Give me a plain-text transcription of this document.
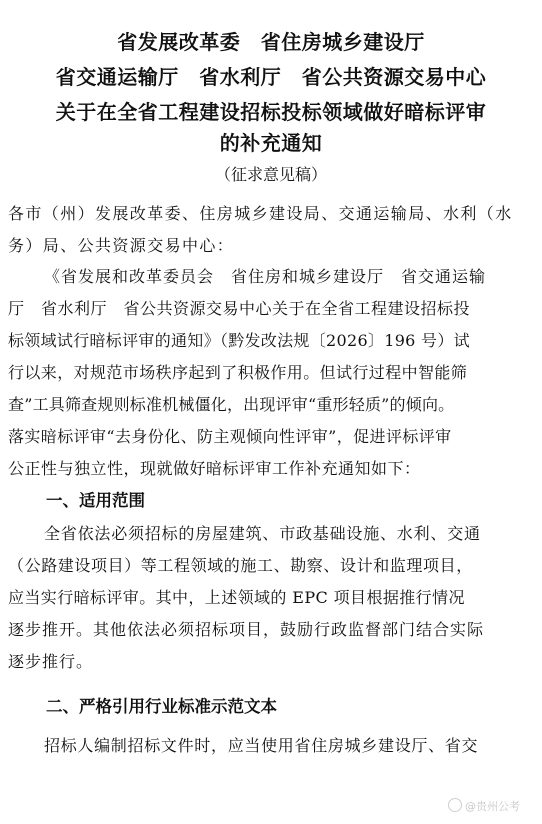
省发展改革委　省住房城乡建设厅
省交通运输厅　省水利厅　省公共资源交易中心
关于在全省工程建设招标投标领域做好暗标评审
的补充通知
（征求意见稿）
各市（州）发展改革委、住房城乡建设局、交通运输局、水利（水
务）局、公共资源交易中心：
《省发展和改革委员会　省住房和城乡建设厅　省交通运输
厅　省水利厅　省公共资源交易中心关于在全省工程建设招标投
标领域试行暗标评审的通知》（黔发改法规〔2026〕196 号）试
行以来，对规范市场秩序起到了积极作用。但试行过程中智能筛
查”工具筛查规则标准机械僵化，出现评审“重形轻质”的倾向。
落实暗标评审“去身份化、防主观倾向性评审”，促进评标评审
公正性与独立性，现就做好暗标评审工作补充通知如下：
一、适用范围
全省依法必须招标的房屋建筑、市政基础设施、水利、交通
（公路建设项目）等工程领域的施工、勘察、设计和监理项目，
应当实行暗标评审。其中，上述领域的 EPC 项目根据推行情况
逐步推开。其他依法必须招标项目，鼓励行政监督部门结合实际
逐步推行。
二、严格引用行业标准示范文本
招标人编制招标文件时，应当使用省住房城乡建设厅、省交
@贵州公考
